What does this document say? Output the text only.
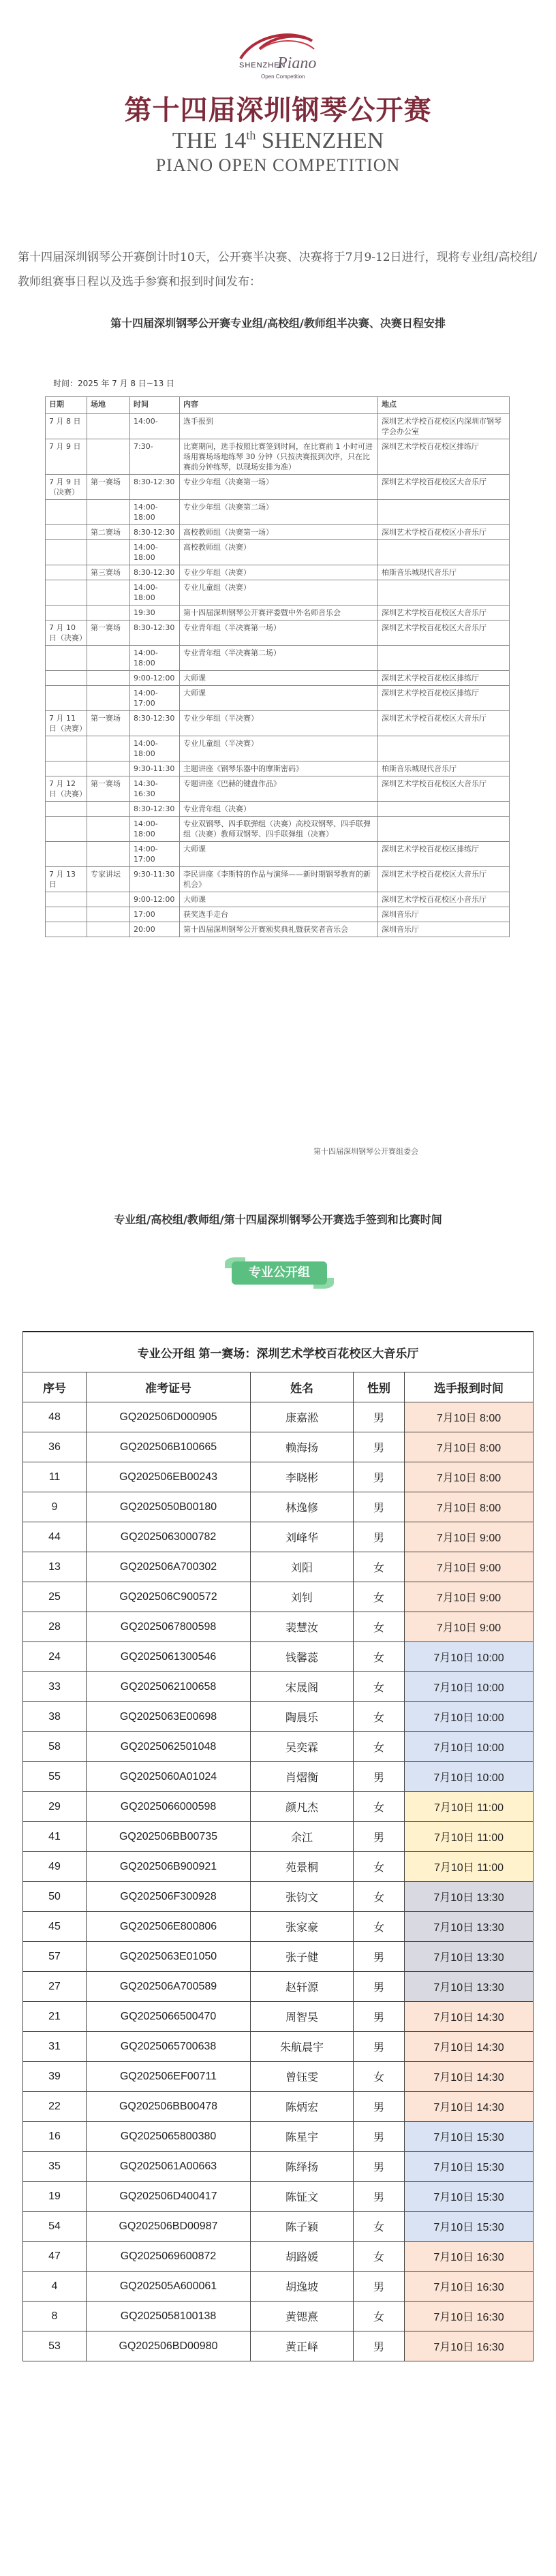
SHENZHEN
Piano
Open Competition
第十四届深圳钢琴公开赛
THE 14th SHENZHEN
PIANO OPEN COMPETITION
第十四届深圳钢琴公开赛倒计时10天，公开赛半决赛、决赛将于7月9-12日进行，现将专业组/高校组/教师组赛事日程以及选手参赛和报到时间发布：
第十四届深圳钢琴公开赛专业组/高校组/教师组半决赛、决赛日程安排
时间：2025 年 7 月 8 日~13 日
日期	场地	时间	内容	地点
7 月 8 日		14:00-	选手报到	深圳艺术学校百花校区内深圳市钢琴学会办公室
7 月 9 日		7:30-	比赛期间，选手按照比赛签到时间，在比赛前 1 小时可进场用赛场场地练琴 30 分钟（只按决赛报到次序，只在比赛前分钟练琴，以现场安排为准）	深圳艺术学校百花校区排练厅
7 月 9 日（决赛）	第一赛场	8:30-12:30	专业少年组（决赛第一场）	深圳艺术学校百花校区大音乐厅
		14:00-18:00	专业少年组（决赛第二场）	
	第二赛场	8:30-12:30	高校教师组（决赛第一场）	深圳艺术学校百花校区小音乐厅
		14:00-18:00	高校教师组（决赛）	
	第三赛场	8:30-12:30	专业少年组（决赛）	柏斯音乐城现代音乐厅
		14:00-18:00	专业儿童组（决赛）	
		19:30	第十四届深圳钢琴公开赛评委暨中外名师音乐会	深圳艺术学校百花校区大音乐厅
7 月 10 日（决赛）	第一赛场	8:30-12:30	专业青年组（半决赛第一场）	深圳艺术学校百花校区大音乐厅
		14:00-18:00	专业青年组（半决赛第二场）	
		9:00-12:00	大师课	深圳艺术学校百花校区排练厅
		14:00-17:00	大师课	深圳艺术学校百花校区排练厅
7 月 11 日（决赛）	第一赛场	8:30-12:30	专业少年组（半决赛）	深圳艺术学校百花校区大音乐厅
		14:00-18:00	专业儿童组（半决赛）	
		9:30-11:30	主题讲座《钢琴乐器中的摩斯密码》	柏斯音乐城现代音乐厅
7 月 12 日（决赛）	第一赛场	14:30-16:30	专题讲座《巴赫的键盘作品》	深圳艺术学校百花校区大音乐厅
		8:30-12:30	专业青年组（决赛）	
		14:00-18:00	专业双钢琴、四手联弹组（决赛）高校双钢琴、四手联弹组（决赛）教师双钢琴、四手联弹组（决赛）	
		14:00-17:00	大师课	深圳艺术学校百花校区排练厅
7 月 13 日	专家讲坛	9:30-11:30	李民讲座《李斯特的作品与演绎——新时期钢琴教育的新机会》	深圳艺术学校百花校区大音乐厅
		9:00-12:00	大师课	深圳艺术学校百花校区小音乐厅
		17:00	获奖选手走台	深圳音乐厅
		20:00	第十四届深圳钢琴公开赛颁奖典礼暨获奖者音乐会	深圳音乐厅
第十四届深圳钢琴公开赛组委会
专业组/高校组/教师组/第十四届深圳钢琴公开赛选手签到和比赛时间
专业公开组
专业公开组 第一赛场：深圳艺术学校百花校区大音乐厅				
序号	准考证号	姓名	性别	选手报到时间
48	GQ202506D000905	康嘉淞	男	7月10日 8:00
36	GQ202506B100665	赖海扬	男	7月10日 8:00
11	GQ202506EB00243	李晓彬	男	7月10日 8:00
9	GQ2025050B00180	林逸修	男	7月10日 8:00
44	GQ2025063000782	刘峰华	男	7月10日 9:00
13	GQ202506A700302	刘阳	女	7月10日 9:00
25	GQ202506C900572	刘钊	女	7月10日 9:00
28	GQ2025067800598	裴慧汝	女	7月10日 9:00
24	GQ2025061300546	钱馨蕊	女	7月10日 10:00
33	GQ2025062100658	宋晟阁	女	7月10日 10:00
38	GQ2025063E00698	陶晨乐	女	7月10日 10:00
58	GQ2025062501048	吴奕霖	女	7月10日 10:00
55	GQ2025060A01024	肖熠衡	男	7月10日 10:00
29	GQ2025066000598	颜凡杰	女	7月10日 11:00
41	GQ202506BB00735	余江	男	7月10日 11:00
49	GQ202506B900921	苑景桐	女	7月10日 11:00
50	GQ202506F300928	张钧文	女	7月10日 13:30
45	GQ202506E800806	张家豪	女	7月10日 13:30
57	GQ2025063E01050	张子健	男	7月10日 13:30
27	GQ202506A700589	赵轩源	男	7月10日 13:30
21	GQ2025066500470	周智昊	男	7月10日 14:30
31	GQ2025065700638	朱航晨宇	男	7月10日 14:30
39	GQ202506EF00711	曾钰雯	女	7月10日 14:30
22	GQ202506BB00478	陈炳宏	男	7月10日 14:30
16	GQ2025065800380	陈星宇	男	7月10日 15:30
35	GQ2025061A00663	陈绎扬	男	7月10日 15:30
19	GQ202506D400417	陈钲文	男	7月10日 15:30
54	GQ202506BD00987	陈子颖	女	7月10日 15:30
47	GQ2025069600872	胡路媛	女	7月10日 16:30
4	GQ202505A600061	胡逸坡	男	7月10日 16:30
8	GQ2025058100138	黄锶熹	女	7月10日 16:30
53	GQ202506BD00980	黄正峄	男	7月10日 16:30
